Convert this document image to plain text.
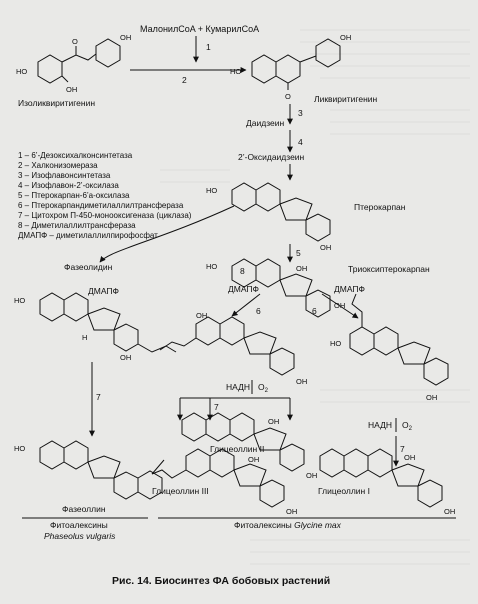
МалонилCoA + КумарилCoA
1
2
HO
OH
O	OH
Изоликвиритигенин
HO
O
OH
Ликвиритигенин
Даидзеин
3
4
2’-Оксидаидзеин
1 – 6’-Дезоксихалконсинтетаза
2 – Халконизомераза
3 – Изофлавонсинтетаза
4 – Изофлавон-2’-оксилаза
5 – Птерокарпан-6’а-оксилаза
6 – Птерокарпандиметилаллилтрансфераза
7 – Цитохром П-450-монооксигеназа (циклаза)
8 – Диметилаллилтрансфераза
ДМАПФ – диметилаллилпирофосфат
HO
OH
Птерокарпан
5
HO	OH
OH
Триоксиптерокарпан
8
ДМАПФ
6
ДМАПФ
6
ДМАПФ
Фазеолидин
HO
H
OH
7
OH
OH
HO
OH
НАДН $O_2$
7
НАДН $O_2$
7
OH
OH
Глицеоллин II
OH
OH
Глицеоллин III
OH
OH
Глицеоллин I
HO
Фазеоллин
Фитоалексины
Phaseolus vulgaris
Фитоалексины Glycine max
Рис. 14. Биосинтез ФА бобовых растений
